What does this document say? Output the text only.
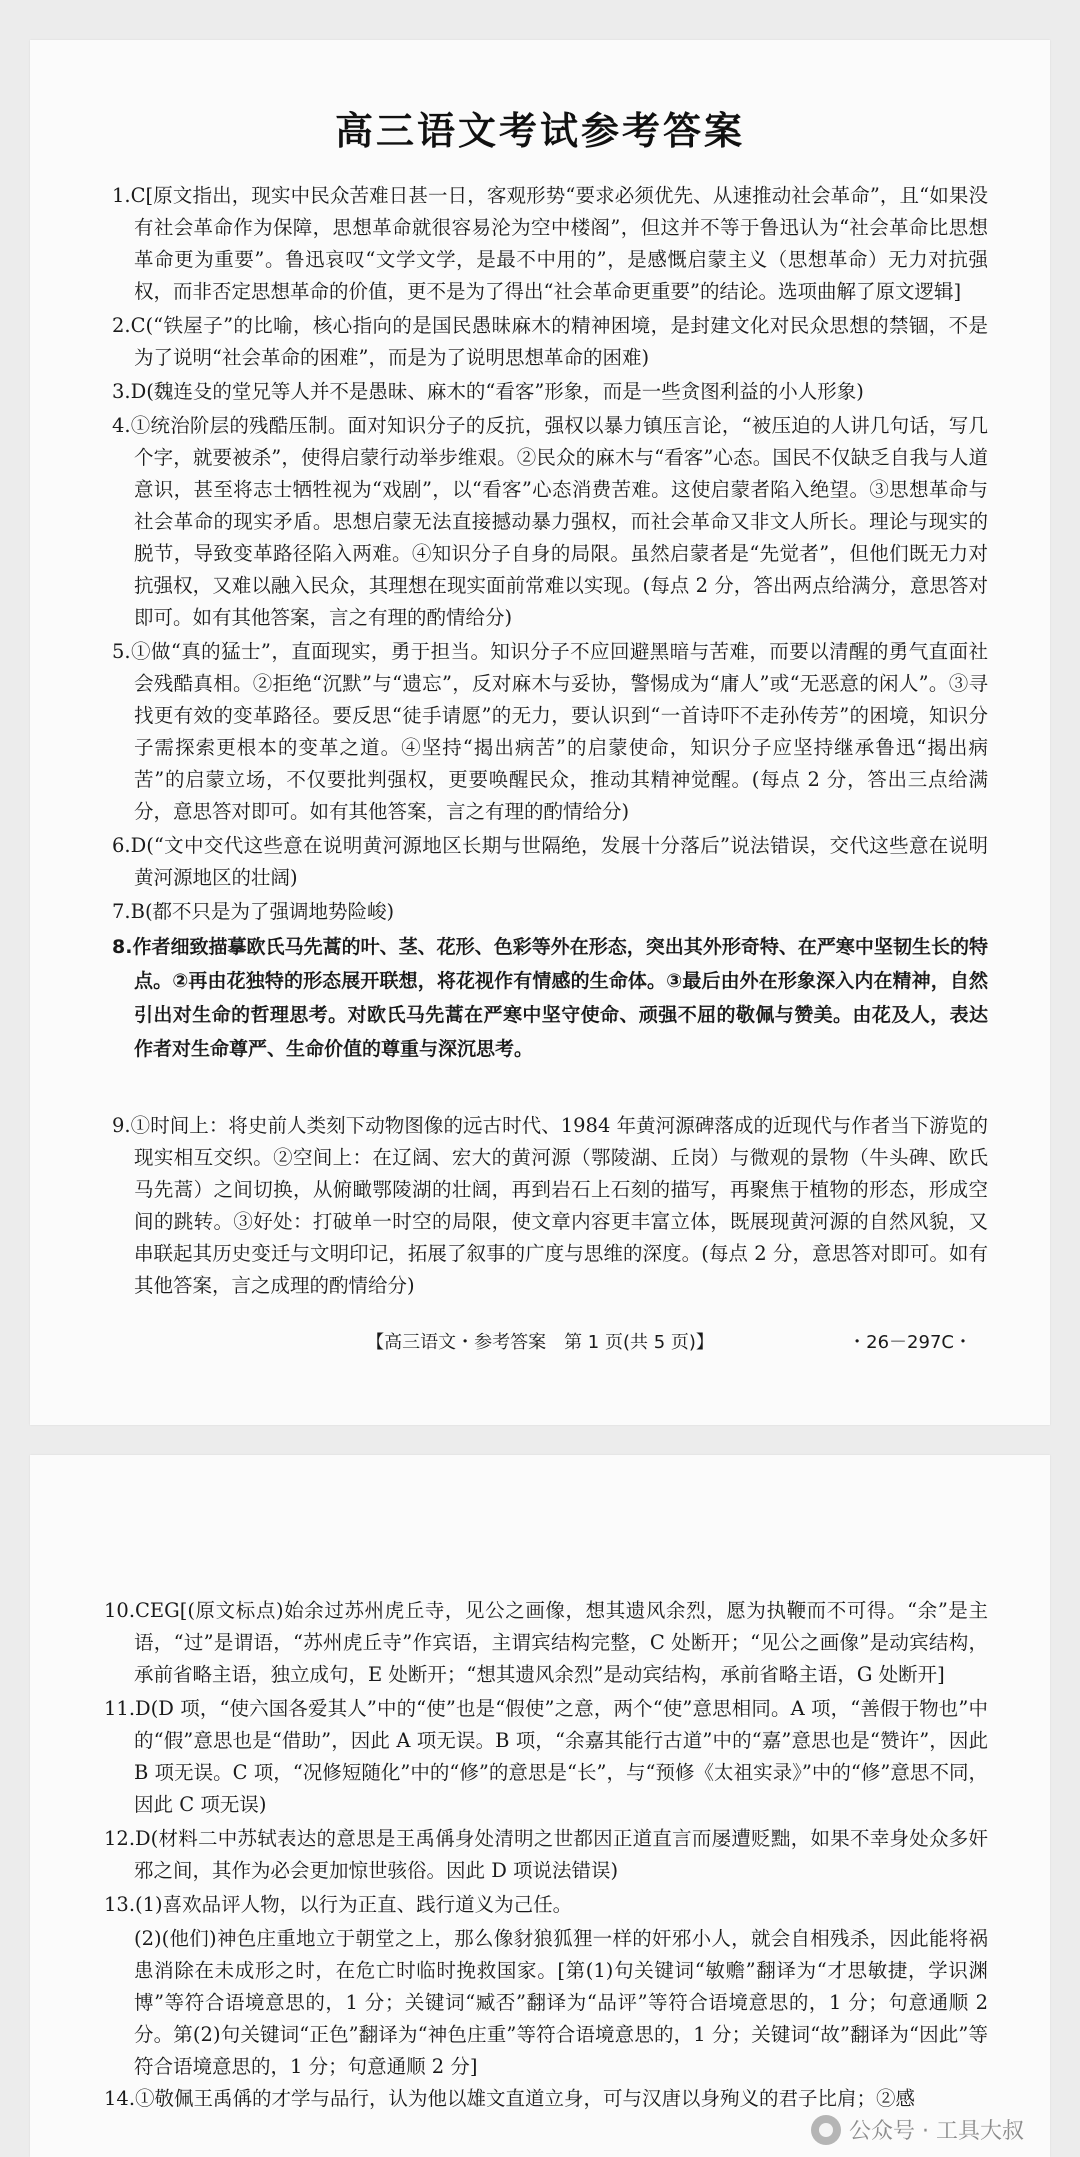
高三语文考试参考答案

1.C[原文指出，现实中民众苦难日甚一日，客观形势“要求必须优先、从速推动社会革命”，且“如果没有社会革命作为保障，思想革命就很容易沦为空中楼阁”，但这并不等于鲁迅认为“社会革命比思想革命更为重要”。鲁迅哀叹“文学文学，是最不中用的”，是感慨启蒙主义（思想革命）无力对抗强权，而非否定思想革命的价值，更不是为了得出“社会革命更重要”的结论。选项曲解了原文逻辑]

2.C(“铁屋子”的比喻，核心指向的是国民愚昧麻木的精神困境，是封建文化对民众思想的禁锢，不是为了说明“社会革命的困难”，而是为了说明思想革命的困难)

3.D(魏连殳的堂兄等人并不是愚昧、麻木的“看客”形象，而是一些贪图利益的小人形象)

4.①统治阶层的残酷压制。面对知识分子的反抗，强权以暴力镇压言论，“被压迫的人讲几句话，写几个字，就要被杀”，使得启蒙行动举步维艰。②民众的麻木与“看客”心态。国民不仅缺乏自我与人道意识，甚至将志士牺牲视为“戏剧”，以“看客”心态消费苦难。这使启蒙者陷入绝望。③思想革命与社会革命的现实矛盾。思想启蒙无法直接撼动暴力强权，而社会革命又非文人所长。理论与现实的脱节，导致变革路径陷入两难。④知识分子自身的局限。虽然启蒙者是“先觉者”，但他们既无力对抗强权，又难以融入民众，其理想在现实面前常难以实现。(每点 2 分，答出两点给满分，意思答对即可。如有其他答案，言之有理的酌情给分)

5.①做“真的猛士”，直面现实，勇于担当。知识分子不应回避黑暗与苦难，而要以清醒的勇气直面社会残酷真相。②拒绝“沉默”与“遗忘”，反对麻木与妥协，警惕成为“庸人”或“无恶意的闲人”。③寻找更有效的变革路径。要反思“徒手请愿”的无力，要认识到“一首诗吓不走孙传芳”的困境，知识分子需探索更根本的变革之道。④坚持“揭出病苦”的启蒙使命，知识分子应坚持继承鲁迅“揭出病苦”的启蒙立场，不仅要批判强权，更要唤醒民众，推动其精神觉醒。(每点 2 分，答出三点给满分，意思答对即可。如有其他答案，言之有理的酌情给分)

6.D(“文中交代这些意在说明黄河源地区长期与世隔绝，发展十分落后”说法错误，交代这些意在说明黄河源地区的壮阔)

7.B(都不只是为了强调地势险峻)

8.作者细致描摹欧氏马先蒿的叶、茎、花形、色彩等外在形态，突出其外形奇特、在严寒中坚韧生长的特点。②再由花独特的形态展开联想，将花视作有情感的生命体。③最后由外在形象深入内在精神，自然引出对生命的哲理思考。对欧氏马先蒿在严寒中坚守使命、顽强不屈的敬佩与赞美。由花及人，表达作者对生命尊严、生命价值的尊重与深沉思考。

9.①时间上：将史前人类刻下动物图像的远古时代、1984 年黄河源碑落成的近现代与作者当下游览的现实相互交织。②空间上：在辽阔、宏大的黄河源（鄂陵湖、丘岗）与微观的景物（牛头碑、欧氏马先蒿）之间切换，从俯瞰鄂陵湖的壮阔，再到岩石上石刻的描写，再聚焦于植物的形态，形成空间的跳转。③好处：打破单一时空的局限，使文章内容更丰富立体，既展现黄河源的自然风貌，又串联起其历史变迁与文明印记，拓展了叙事的广度与思维的深度。(每点 2 分，意思答对即可。如有其他答案，言之成理的酌情给分)

【高三语文・参考答案　第 1 页(共 5 页)】	・26－297C・

10.CEG[(原文标点)始余过苏州虎丘寺，见公之画像，想其遗风余烈，愿为执鞭而不可得。“余”是主语，“过”是谓语，“苏州虎丘寺”作宾语，主谓宾结构完整，C 处断开；“见公之画像”是动宾结构，承前省略主语，独立成句，E 处断开；“想其遗风余烈”是动宾结构，承前省略主语，G 处断开]

11.D(D 项，“使六国各爱其人”中的“使”也是“假使”之意，两个“使”意思相同。A 项，“善假于物也”中的“假”意思也是“借助”，因此 A 项无误。B 项，“余嘉其能行古道”中的“嘉”意思也是“赞许”，因此 B 项无误。C 项，“况修短随化”中的“修”的意思是“长”，与“预修《太祖实录》”中的“修”意思不同，因此 C 项无误)

12.D(材料二中苏轼表达的意思是王禹偁身处清明之世都因正道直言而屡遭贬黜，如果不幸身处众多奸邪之间，其作为必会更加惊世骇俗。因此 D 项说法错误)

13.(1)喜欢品评人物，以行为正直、践行道义为己任。

(2)(他们)神色庄重地立于朝堂之上，那么像豺狼狐狸一样的奸邪小人，就会自相残杀，因此能将祸患消除在未成形之时，在危亡时临时挽救国家。[第(1)句关键词“敏赡”翻译为“才思敏捷，学识渊博”等符合语境意思的，1 分；关键词“臧否”翻译为“品评”等符合语境意思的，1 分；句意通顺 2 分。第(2)句关键词“正色”翻译为“神色庄重”等符合语境意思的，1 分；关键词“故”翻译为“因此”等符合语境意思的，1 分；句意通顺 2 分]

14.①敬佩王禹偁的才学与品行，认为他以雄文直道立身，可与汉唐以身殉义的君子比肩；②感

公众号 · 工具大叔
